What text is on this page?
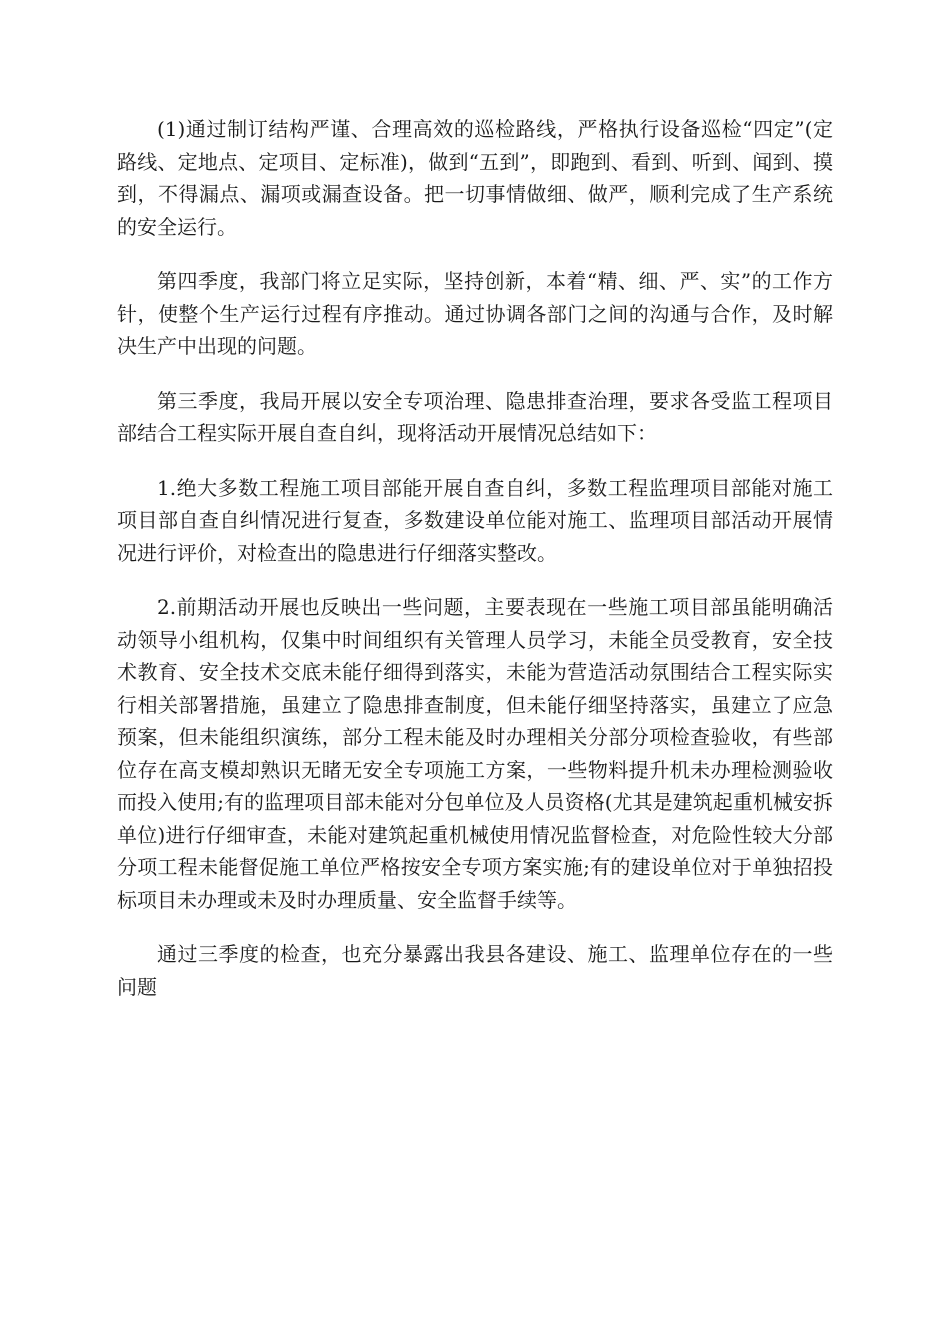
(1)通过制订结构严谨、合理高效的巡检路线，严格执行设备巡检“四定”(定路线、定地点、定项目、定标准)，做到“五到”，即跑到、看到、听到、闻到、摸到，不得漏点、漏项或漏查设备。把一切事情做细、做严，顺利完成了生产系统的安全运行。

第四季度，我部门将立足实际，坚持创新，本着“精、细、严、实”的工作方针，使整个生产运行过程有序推动。通过协调各部门之间的沟通与合作，及时解决生产中出现的问题。

第三季度，我局开展以安全专项治理、隐患排查治理，要求各受监工程项目部结合工程实际开展自查自纠，现将活动开展情况总结如下：

1.绝大多数工程施工项目部能开展自查自纠，多数工程监理项目部能对施工项目部自查自纠情况进行复查，多数建设单位能对施工、监理项目部活动开展情况进行评价，对检查出的隐患进行仔细落实整改。

2.前期活动开展也反映出一些问题，主要表现在一些施工项目部虽能明确活动领导小组机构，仅集中时间组织有关管理人员学习，未能全员受教育，安全技术教育、安全技术交底未能仔细得到落实，未能为营造活动氛围结合工程实际实行相关部署措施，虽建立了隐患排查制度，但未能仔细坚持落实，虽建立了应急预案，但未能组织演练，部分工程未能及时办理相关分部分项检查验收，有些部位存在高支模却熟识无睹无安全专项施工方案，一些物料提升机未办理检测验收而投入使用;有的监理项目部未能对分包单位及人员资格(尤其是建筑起重机械安拆单位)进行仔细审查，未能对建筑起重机械使用情况监督检查，对危险性较大分部分项工程未能督促施工单位严格按安全专项方案实施;有的建设单位对于单独招投标项目未办理或未及时办理质量、安全监督手续等。

通过三季度的检查，也充分暴露出我县各建设、施工、监理单位存在的一些问题
